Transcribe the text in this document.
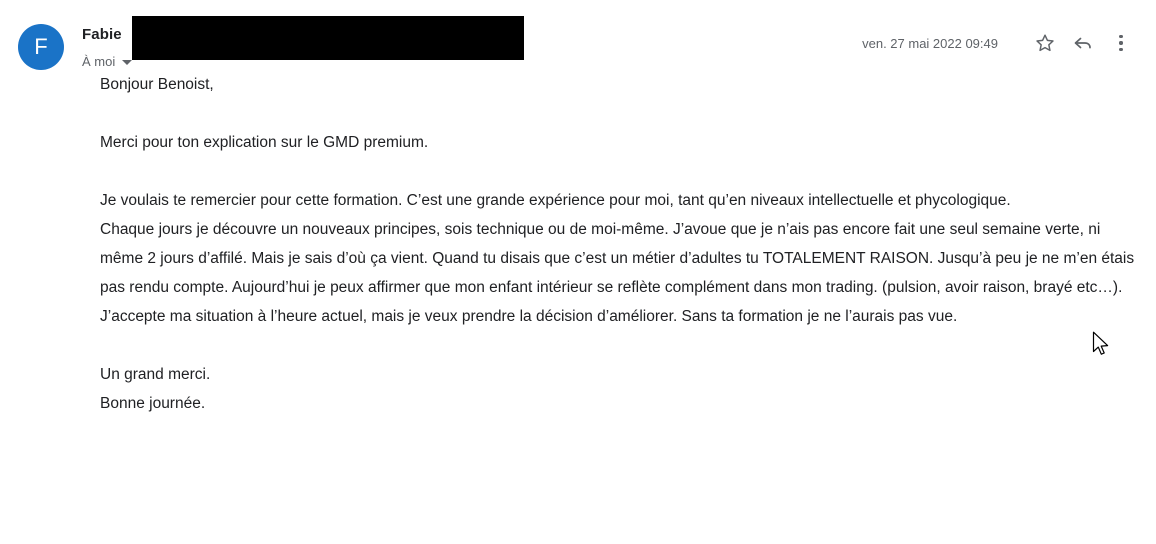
F	Fabie
À moi
ven. 27 mai 2022 09:49

Bonjour Benoist,

Merci pour ton explication sur le GMD premium.

Je voulais te remercier pour cette formation. C’est une grande expérience pour moi, tant qu’en niveaux intellectuelle et phycologique.

Chaque jours je découvre un nouveaux principes, sois technique ou de moi-même. J’avoue que je n’ais pas encore fait une seul semaine verte, ni même 2 jours d’affilé. Mais je sais d’où ça vient. Quand tu disais que c’est un métier d’adultes tu TOTALEMENT RAISON. Jusqu’à peu je ne m’en étais pas rendu compte. Aujourd’hui je peux affirmer que mon enfant intérieur se reflète complément dans mon trading. (pulsion, avoir raison, brayé etc…). J’accepte ma situation à l’heure actuel, mais je veux prendre la décision d’améliorer. Sans ta formation je ne l’aurais pas vue.

Un grand merci.

Bonne journée.
